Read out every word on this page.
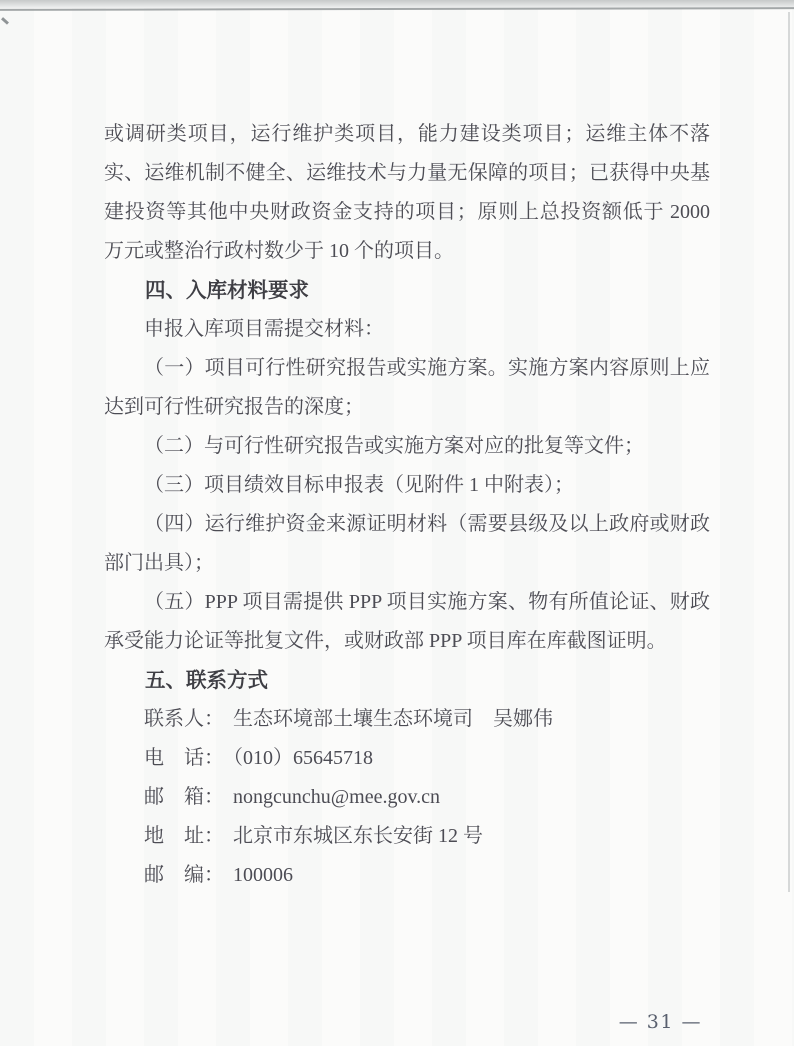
或调研类项目，运行维护类项目，能力建设类项目；运维主体不落实、运维机制不健全、运维技术与力量无保障的项目；已获得中央基建投资等其他中央财政资金支持的项目；原则上总投资额低于 2000 万元或整治行政村数少于 10 个的项目。

四、入库材料要求

申报入库项目需提交材料：

（一）项目可行性研究报告或实施方案。实施方案内容原则上应达到可行性研究报告的深度；

（二）与可行性研究报告或实施方案对应的批复等文件；

（三）项目绩效目标申报表（见附件 1 中附表）；

（四）运行维护资金来源证明材料（需要县级及以上政府或财政部门出具）；

（五）PPP 项目需提供 PPP 项目实施方案、物有所值论证、财政承受能力论证等批复文件，或财政部 PPP 项目库在库截图证明。

五、联系方式

联系人： 生态环境部土壤生态环境司　吴娜伟

电　话： （010）65645718

邮　箱： nongcunchu@mee.gov.cn

地　址： 北京市东城区东长安街 12 号

邮　编： 100006

— 31 —
